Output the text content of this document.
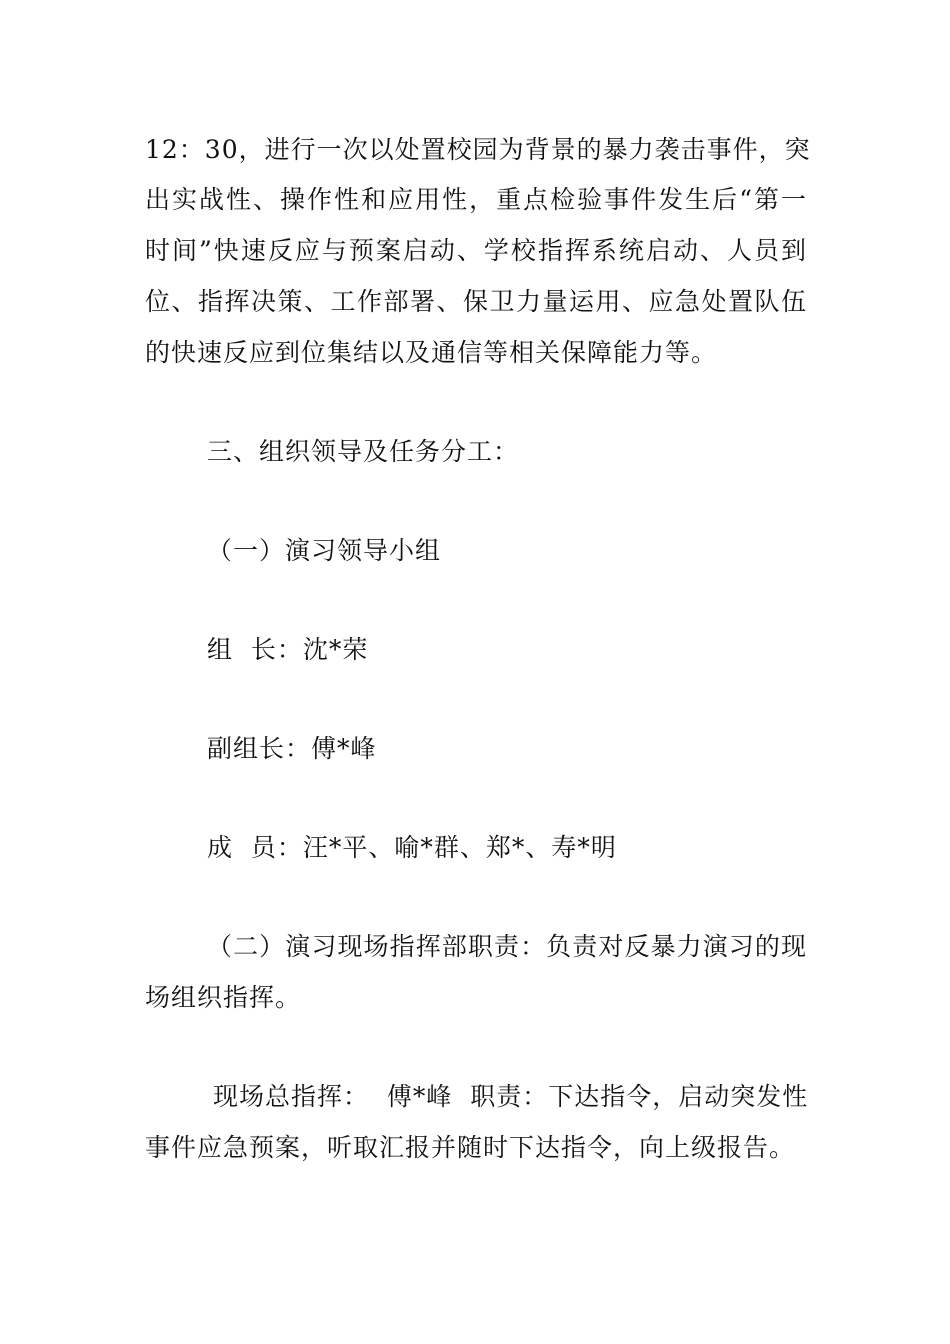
12：30，进行一次以处置校园为背景的暴力袭击事件，突
出实战性、操作性和应用性，重点检验事件发生后“第一
时间”快速反应与预案启动、学校指挥系统启动、人员到
位、指挥决策、工作部署、保卫力量运用、应急处置队伍
的快速反应到位集结以及通信等相关保障能力等。
三、组织领导及任务分工：
（一）演习领导小组
组  长：沈*荣
副组长：傅*峰
成  员：汪*平、喻*群、郑*、寿*明
（二）演习现场指挥部职责：负责对反暴力演习的现
场组织指挥。
现场总指挥：  傅*峰  职责：下达指令，启动突发性
事件应急预案，听取汇报并随时下达指令，向上级报告。
